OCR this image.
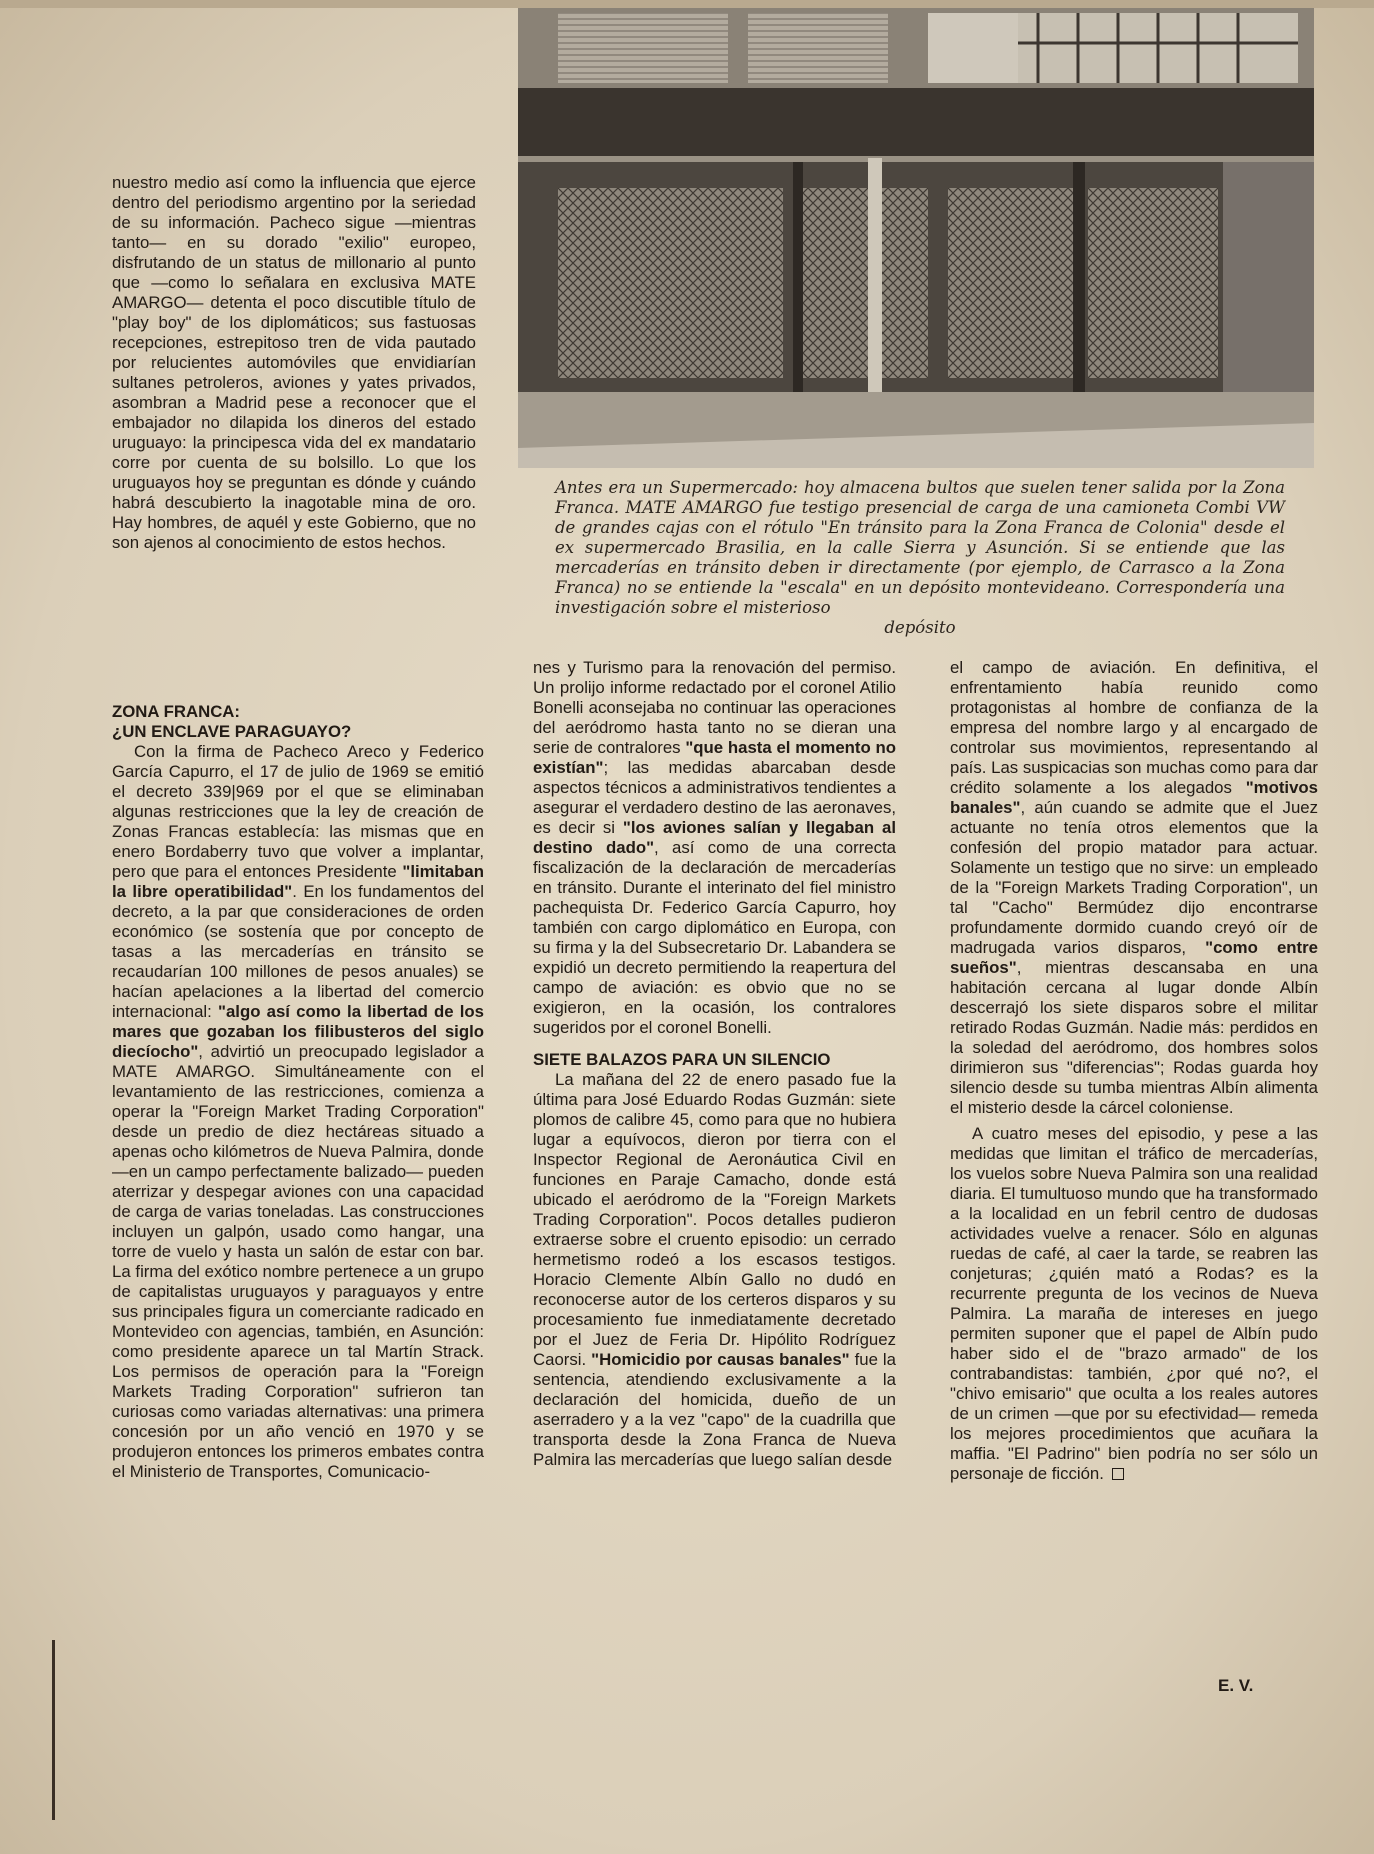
Antes era un Supermercado: hoy almacena bultos que suelen tener salida por la Zona Franca. MATE AMARGO fue testigo presencial de carga de una camioneta Combi VW de grandes cajas con el rótulo "En tránsito para la Zona Franca de Colonia" desde el ex supermercado Brasilia, en la calle Sierra y Asunción. Si se entiende que las mercaderías en tránsito deben ir directamente (por ejemplo, de Carrasco a la Zona Franca) no se entiende la "escala" en un depósito montevideano. Correspondería una investigación sobre el misterioso
depósito

nuestro medio así como la influencia que ejerce dentro del periodismo argentino por la seriedad de su información. Pacheco sigue —mientras tanto— en su dorado "exilio" europeo, disfrutando de un status de millonario al punto que —como lo señalara en exclusiva MATE AMARGO— detenta el poco discutible título de "play boy" de los diplomáticos; sus fastuosas recepciones, estrepitoso tren de vida pautado por relucientes automóviles que envidiarían sultanes petroleros, aviones y yates privados, asombran a Madrid pese a reconocer que el embajador no dilapida los dineros del estado uruguayo: la principesca vida del ex mandatario corre por cuenta de su bolsillo. Lo que los uruguayos hoy se preguntan es dónde y cuándo habrá descubierto la inagotable mina de oro. Hay hombres, de aquél y este Gobierno, que no son ajenos al conocimiento de estos hechos.

ZONA FRANCA:
¿UN ENCLAVE PARAGUAYO?

Con la firma de Pacheco Areco y Federico García Capurro, el 17 de julio de 1969 se emitió el decreto 339|969 por el que se eliminaban algunas restricciones que la ley de creación de Zonas Francas establecía: las mismas que en enero Bordaberry tuvo que volver a implantar, pero que para el entonces Presidente "limitaban la libre operatibilidad". En los fundamentos del decreto, a la par que consideraciones de orden económico (se sostenía que por concepto de tasas a las mercaderías en tránsito se recaudarían 100 millones de pesos anuales) se hacían apelaciones a la libertad del comercio internacional: "algo así como la libertad de los mares que gozaban los filibusteros del siglo diecíocho", advirtió un preocupado legislador a MATE AMARGO. Simultáneamente con el levantamiento de las restricciones, comienza a operar la "Foreign Market Trading Corporation" desde un predio de diez hectáreas situado a apenas ocho kilómetros de Nueva Palmira, donde —en un campo perfectamente balizado— pueden aterrizar y despegar aviones con una capacidad de carga de varias toneladas. Las construcciones incluyen un galpón, usado como hangar, una torre de vuelo y hasta un salón de estar con bar. La firma del exótico nombre pertenece a un grupo de capitalistas uruguayos y paraguayos y entre sus principales figura un comerciante radicado en Montevideo con agencias, también, en Asunción: como presidente aparece un tal Martín Strack. Los permisos de operación para la "Foreign Markets Trading Corporation" sufrieron tan curiosas como variadas alternativas: una primera concesión por un año venció en 1970 y se produjeron entonces los primeros embates contra el Ministerio de Transportes, Comunicacio-

nes y Turismo para la renovación del permiso. Un prolijo informe redactado por el coronel Atilio Bonelli aconsejaba no continuar las operaciones del aeródromo hasta tanto no se dieran una serie de contralores "que hasta el momento no existían"; las medidas abarcaban desde aspectos técnicos a administrativos tendientes a asegurar el verdadero destino de las aeronaves, es decir si "los aviones salían y llegaban al destino dado", así como de una correcta fiscalización de la declaración de mercaderías en tránsito. Durante el interinato del fiel ministro pachequista Dr. Federico García Capurro, hoy también con cargo diplomático en Europa, con su firma y la del Subsecretario Dr. Labandera se expidió un decreto permitiendo la reapertura del campo de aviación: es obvio que no se exigieron, en la ocasión, los contralores sugeridos por el coronel Bonelli.

SIETE BALAZOS PARA UN SILENCIO

La mañana del 22 de enero pasado fue la última para José Eduardo Rodas Guzmán: siete plomos de calibre 45, como para que no hubiera lugar a equívocos, dieron por tierra con el Inspector Regional de Aeronáutica Civil en funciones en Paraje Camacho, donde está ubicado el aeródromo de la "Foreign Markets Trading Corporation". Pocos detalles pudieron extraerse sobre el cruento episodio: un cerrado hermetismo rodeó a los escasos testigos. Horacio Clemente Albín Gallo no dudó en reconocerse autor de los certeros disparos y su procesamiento fue inmediatamente decretado por el Juez de Feria Dr. Hipólito Rodríguez Caorsi. "Homicidio por causas banales" fue la sentencia, atendiendo exclusivamente a la declaración del homicida, dueño de un aserradero y a la vez "capo" de la cuadrilla que transporta desde la Zona Franca de Nueva Palmira las mercaderías que luego salían desde

el campo de aviación. En definitiva, el enfrentamiento había reunido como protagonistas al hombre de confianza de la empresa del nombre largo y al encargado de controlar sus movimientos, representando al país. Las suspicacias son muchas como para dar crédito solamente a los alegados "motivos banales", aún cuando se admite que el Juez actuante no tenía otros elementos que la confesión del propio matador para actuar. Solamente un testigo que no sirve: un empleado de la "Foreign Markets Trading Corporation", un tal "Cacho" Bermúdez dijo encontrarse profundamente dormido cuando creyó oír de madrugada varios disparos, "como entre sueños", mientras descansaba en una habitación cercana al lugar donde Albín descerrajó los siete disparos sobre el militar retirado Rodas Guzmán. Nadie más: perdidos en la soledad del aeródromo, dos hombres solos dirimieron sus "diferencias"; Rodas guarda hoy silencio desde su tumba mientras Albín alimenta el misterio desde la cárcel coloniense.

A cuatro meses del episodio, y pese a las medidas que limitan el tráfico de mercaderías, los vuelos sobre Nueva Palmira son una realidad diaria. El tumultuoso mundo que ha transformado a la localidad en un febril centro de dudosas actividades vuelve a renacer. Sólo en algunas ruedas de café, al caer la tarde, se reabren las conjeturas; ¿quién mató a Rodas? es la recurrente pregunta de los vecinos de Nueva Palmira. La maraña de intereses en juego permiten suponer que el papel de Albín pudo haber sido el de "brazo armado" de los contrabandistas: también, ¿por qué no?, el "chivo emisario" que oculta a los reales autores de un crimen —que por su efectividad— remeda los mejores procedimientos que acuñara la maffia. "El Padrino" bien podría no ser sólo un personaje de ficción.

E. V.
